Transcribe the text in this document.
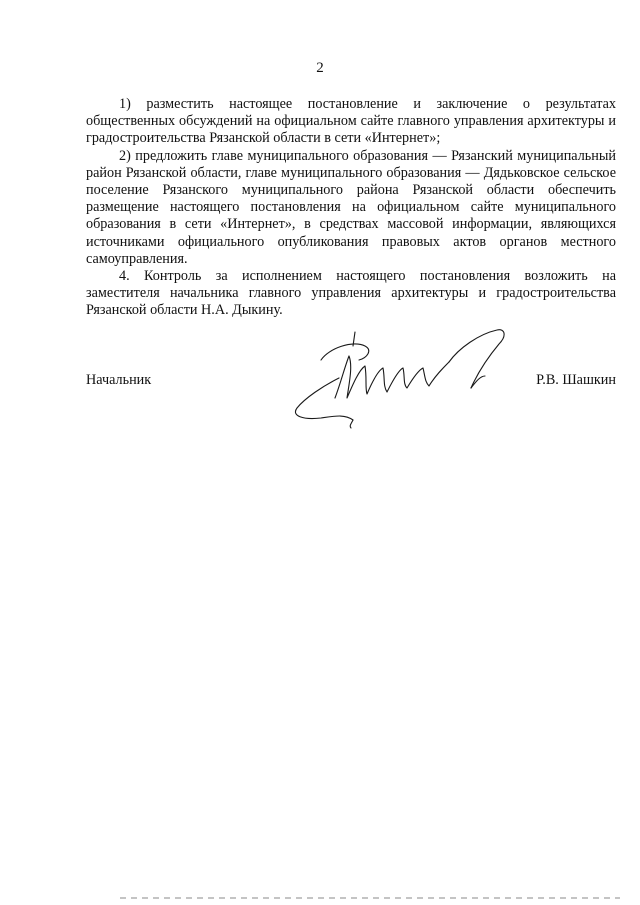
2

1) разместить настоящее постановление и заключение о результатах общественных обсуждений на официальном сайте главного управления архитектуры и градостроительства Рязанской области в сети «Интернет»;

2) предложить главе муниципального образования — Рязанский муниципальный район Рязанской области, главе муниципального образования — Дядьковское сельское поселение Рязанского муниципального района Рязанской области обеспечить размещение настоящего постановления на официальном сайте муниципального образования в сети «Интернет», в средствах массовой информации, являющихся источниками официального опубликования правовых актов органов местного самоуправления.

4. Контроль за исполнением настоящего постановления возложить на заместителя начальника главного управления архитектуры и градостроительства Рязанской области Н.А. Дыкину.

Начальник	Р.В. Шашкин
